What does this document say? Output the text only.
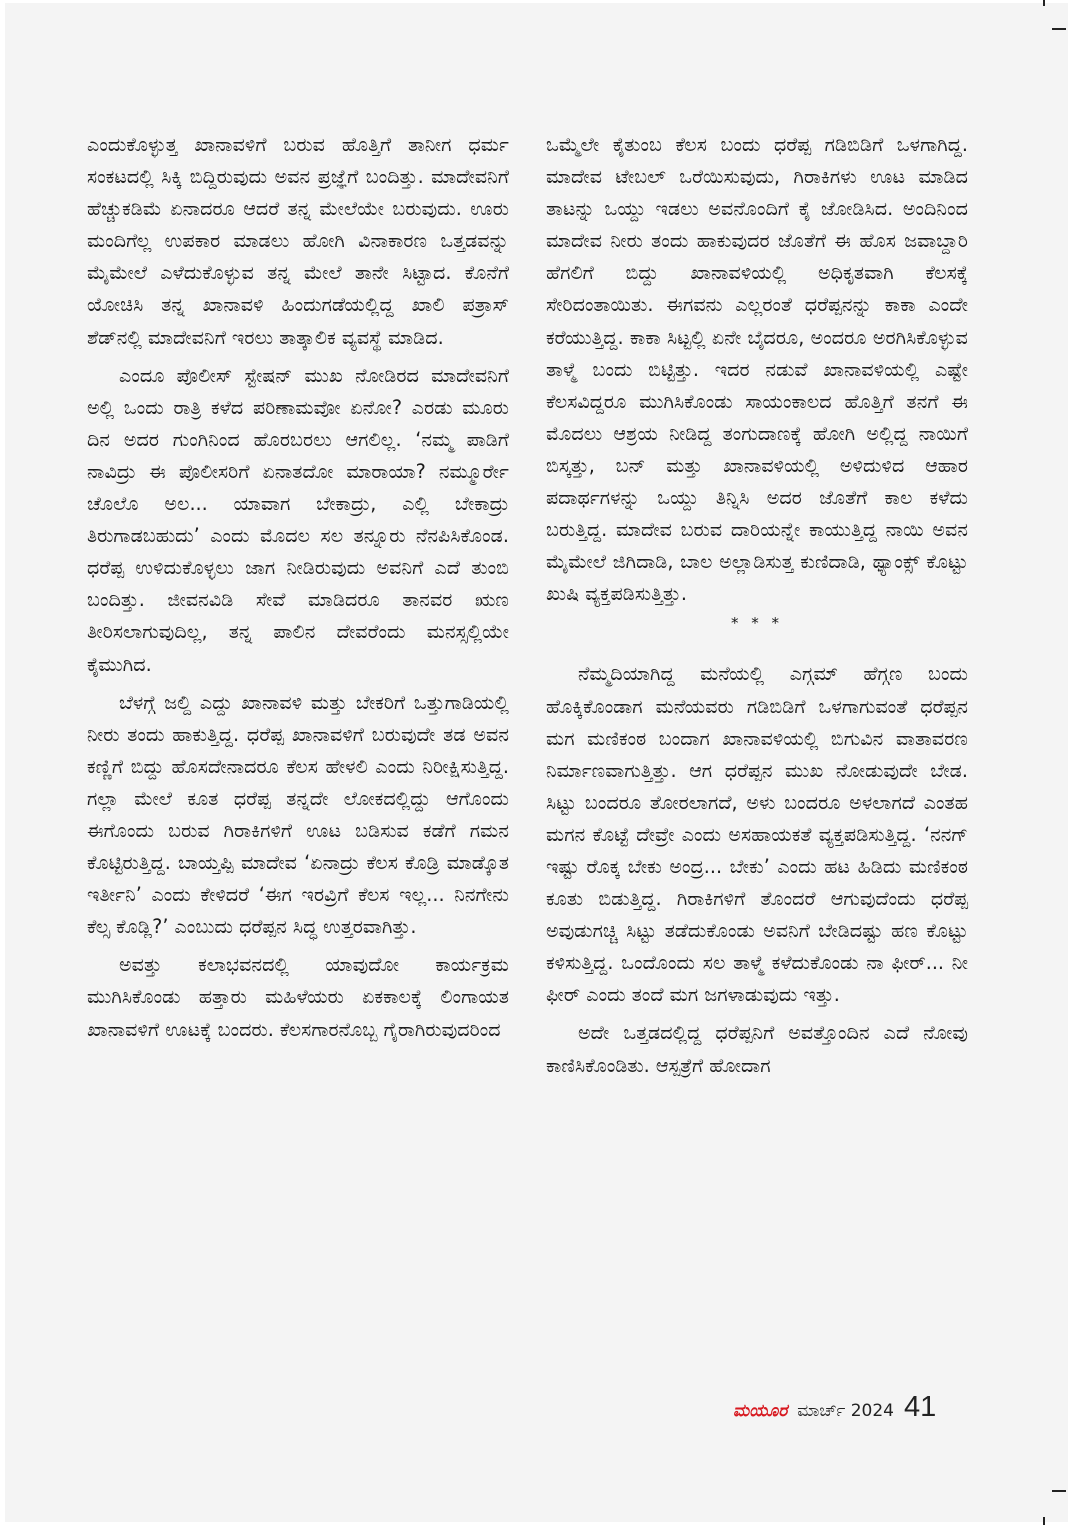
ಎಂದುಕೊಳ್ಳುತ್ತ ಖಾನಾವಳಿಗೆ ಬರುವ ಹೊತ್ತಿಗೆ ತಾನೀಗ ಧರ್ಮ ಸಂಕಟದಲ್ಲಿ ಸಿಕ್ಕಿ ಬಿದ್ದಿರುವುದು ಅವನ ಪ್ರಜ್ಞೆಗೆ ಬಂದಿತ್ತು. ಮಾದೇವನಿಗೆ ಹೆಚ್ಚುಕಡಿಮೆ ಏನಾದರೂ ಆದರೆ ತನ್ನ ಮೇಲೆಯೇ ಬರುವುದು. ಊರು ಮಂದಿಗೆಲ್ಲ ಉಪಕಾರ ಮಾಡಲು ಹೋಗಿ ವಿನಾಕಾರಣ ಒತ್ತಡವನ್ನು ಮೈಮೇಲೆ ಎಳೆದುಕೊಳ್ಳುವ ತನ್ನ ಮೇಲೆ ತಾನೇ ಸಿಟ್ಟಾದ. ಕೊನೆಗೆ ಯೋಚಿಸಿ ತನ್ನ ಖಾನಾವಳಿ ಹಿಂದುಗಡೆಯಲ್ಲಿದ್ದ ಖಾಲಿ ಪತ್ರಾಸ್ ಶೆಡ್‌ನಲ್ಲಿ ಮಾದೇವನಿಗೆ ಇರಲು ತಾತ್ಕಾಲಿಕ ವ್ಯವಸ್ಥೆ ಮಾಡಿದ.

ಎಂದೂ ಪೊಲೀಸ್ ಸ್ಟೇಷನ್ ಮುಖ ನೋಡಿರದ ಮಾದೇವನಿಗೆ ಅಲ್ಲಿ ಒಂದು ರಾತ್ರಿ ಕಳೆದ ಪರಿಣಾಮವೋ ಏನೋ? ಎರಡು ಮೂರು ದಿನ ಅದರ ಗುಂಗಿನಿಂದ ಹೊರಬರಲು ಆಗಲಿಲ್ಲ. ‘ನಮ್ಮ ಪಾಡಿಗೆ ನಾವಿದ್ರು ಈ ಪೊಲೀಸರಿಗೆ ಏನಾತದೋ ಮಾರಾಯಾ? ನಮ್ಮೂರ್ರೇ ಚೊಲೊ ಅಲ... ಯಾವಾಗ ಬೇಕಾದ್ರು, ಎಲ್ಲಿ ಬೇಕಾದ್ರು ತಿರುಗಾಡಬಹುದು’ ಎಂದು ಮೊದಲ ಸಲ ತನ್ನೂರು ನೆನಪಿಸಿಕೊಂಡ. ಧರೆಪ್ಪ ಉಳಿದುಕೊಳ್ಳಲು ಜಾಗ ನೀಡಿರುವುದು ಅವನಿಗೆ ಎದೆ ತುಂಬಿ ಬಂದಿತ್ತು. ಜೀವನವಿಡಿ ಸೇವೆ ಮಾಡಿದರೂ ತಾನವರ ಋಣ ತೀರಿಸಲಾಗುವುದಿಲ್ಲ, ತನ್ನ ಪಾಲಿನ ದೇವರೆಂದು ಮನಸ್ಸಲ್ಲಿಯೇ ಕೈಮುಗಿದ.

ಬೆಳಗ್ಗೆ ಜಲ್ದಿ ಎದ್ದು ಖಾನಾವಳಿ ಮತ್ತು ಬೇಕರಿಗೆ ಒತ್ತುಗಾಡಿಯಲ್ಲಿ ನೀರು ತಂದು ಹಾಕುತ್ತಿದ್ದ. ಧರೆಪ್ಪ ಖಾನಾವಳಿಗೆ ಬರುವುದೇ ತಡ ಅವನ ಕಣ್ಣಿಗೆ ಬಿದ್ದು ಹೊಸದೇನಾದರೂ ಕೆಲಸ ಹೇಳಲಿ ಎಂದು ನಿರೀಕ್ಷಿಸುತ್ತಿದ್ದ. ಗಲ್ಲಾ ಮೇಲೆ ಕೂತ ಧರೆಪ್ಪ ತನ್ನದೇ ಲೋಕದಲ್ಲಿದ್ದು ಆಗೊಂದು ಈಗೊಂದು ಬರುವ ಗಿರಾಕಿಗಳಿಗೆ ಊಟ ಬಡಿಸುವ ಕಡೆಗೆ ಗಮನ ಕೊಟ್ಟಿರುತ್ತಿದ್ದ. ಬಾಯ್ತಪ್ಪಿ ಮಾದೇವ ‘ಏನಾದ್ರು ಕೆಲಸ ಕೊಡ್ರಿ ಮಾಡ್ಕೊತ ಇರ್ತೀನಿ’ ಎಂದು ಕೇಳಿದರೆ ‘ಈಗ ಇರವ್ರಿಗೆ ಕೆಲಸ ಇಲ್ಲ... ನಿನಗೇನು ಕೆಲ್ಸ ಕೊಡ್ಲಿ?’ ಎಂಬುದು ಧರೆಪ್ಪನ ಸಿದ್ಧ ಉತ್ತರವಾಗಿತ್ತು.

ಅವತ್ತು ಕಲಾಭವನದಲ್ಲಿ ಯಾವುದೋ ಕಾರ್ಯಕ್ರಮ ಮುಗಿಸಿಕೊಂಡು ಹತ್ತಾರು ಮಹಿಳೆಯರು ಏಕಕಾಲಕ್ಕೆ ಲಿಂಗಾಯತ ಖಾನಾವಳಿಗೆ ಊಟಕ್ಕೆ ಬಂದರು. ಕೆಲಸಗಾರನೊಬ್ಬ ಗೈರಾಗಿರುವುದರಿಂದ

ಒಮ್ಮೆಲೇ ಕೈತುಂಬ ಕೆಲಸ ಬಂದು ಧರೆಪ್ಪ ಗಡಿಬಿಡಿಗೆ ಒಳಗಾಗಿದ್ದ. ಮಾದೇವ ಟೇಬಲ್ ಒರೆಯಿಸುವುದು, ಗಿರಾಕಿಗಳು ಊಟ ಮಾಡಿದ ತಾಟನ್ನು ಒಯ್ದು ಇಡಲು ಅವನೊಂದಿಗೆ ಕೈ ಜೋಡಿಸಿದ. ಅಂದಿನಿಂದ ಮಾದೇವ ನೀರು ತಂದು ಹಾಕುವುದರ ಜೊತೆಗೆ ಈ ಹೊಸ ಜವಾಬ್ದಾರಿ ಹೆಗಲಿಗೆ ಬಿದ್ದು ಖಾನಾವಳಿಯಲ್ಲಿ ಅಧಿಕೃತವಾಗಿ ಕೆಲಸಕ್ಕೆ ಸೇರಿದಂತಾಯಿತು. ಈಗವನು ಎಲ್ಲರಂತೆ ಧರೆಪ್ಪನನ್ನು ಕಾಕಾ ಎಂದೇ ಕರೆಯುತ್ತಿದ್ದ. ಕಾಕಾ ಸಿಟ್ಟಲ್ಲಿ ಏನೇ ಬೈದರೂ, ಅಂದರೂ ಅರಗಿಸಿಕೊಳ್ಳುವ ತಾಳ್ಮೆ ಬಂದು ಬಿಟ್ಟಿತ್ತು. ಇದರ ನಡುವೆ ಖಾನಾವಳಿಯಲ್ಲಿ ಎಷ್ಟೇ ಕೆಲಸವಿದ್ದರೂ ಮುಗಿಸಿಕೊಂಡು ಸಾಯಂಕಾಲದ ಹೊತ್ತಿಗೆ ತನಗೆ ಈ ಮೊದಲು ಆಶ್ರಯ ನೀಡಿದ್ದ ತಂಗುದಾಣಕ್ಕೆ ಹೋಗಿ ಅಲ್ಲಿದ್ದ ನಾಯಿಗೆ ಬಿಸ್ಕತ್ತು, ಬನ್ ಮತ್ತು ಖಾನಾವಳಿಯಲ್ಲಿ ಅಳಿದುಳಿದ ಆಹಾರ ಪದಾರ್ಥಗಳನ್ನು ಒಯ್ದು ತಿನ್ನಿಸಿ ಅದರ ಜೊತೆಗೆ ಕಾಲ ಕಳೆದು ಬರುತ್ತಿದ್ದ. ಮಾದೇವ ಬರುವ ದಾರಿಯನ್ನೇ ಕಾಯುತ್ತಿದ್ದ ನಾಯಿ ಅವನ ಮೈಮೇಲೆ ಜಿಗಿದಾಡಿ, ಬಾಲ ಅಲ್ಲಾಡಿಸುತ್ತ ಕುಣಿದಾಡಿ, ಥ್ಯಾಂಕ್ಸ್ ಕೊಟ್ಟು ಖುಷಿ ವ್ಯಕ್ತಪಡಿಸುತ್ತಿತ್ತು.

* * *

ನೆಮ್ಮದಿಯಾಗಿದ್ದ ಮನೆಯಲ್ಲಿ ಎಗ್ಗಮ್ ಹೆಗ್ಗಣ ಬಂದು ಹೊಕ್ಕಿಕೊಂಡಾಗ ಮನೆಯವರು ಗಡಿಬಿಡಿಗೆ ಒಳಗಾಗುವಂತೆ ಧರೆಪ್ಪನ ಮಗ ಮಣಿಕಂಠ ಬಂದಾಗ ಖಾನಾವಳಿಯಲ್ಲಿ ಬಿಗುವಿನ ವಾತಾವರಣ ನಿರ್ಮಾಣವಾಗುತ್ತಿತ್ತು. ಆಗ ಧರೆಪ್ಪನ ಮುಖ ನೋಡುವುದೇ ಬೇಡ. ಸಿಟ್ಟು ಬಂದರೂ ತೋರಲಾಗದೆ, ಅಳು ಬಂದರೂ ಅಳಲಾಗದೆ ಎಂತಹ ಮಗನ ಕೊಟ್ಟೆ ದೇವ್ರೇ ಎಂದು ಅಸಹಾಯಕತೆ ವ್ಯಕ್ತಪಡಿಸುತ್ತಿದ್ದ. ‘ನನಗ್ ಇಷ್ಟು ರೊಕ್ಕ ಬೇಕು ಅಂದ್ರ... ಬೇಕು’ ಎಂದು ಹಟ ಹಿಡಿದು ಮಣಿಕಂಠ ಕೂತು ಬಿಡುತ್ತಿದ್ದ. ಗಿರಾಕಿಗಳಿಗೆ ತೊಂದರೆ ಆಗುವುದೆಂದು ಧರೆಪ್ಪ ಅವುಡುಗಚ್ಚಿ ಸಿಟ್ಟು ತಡೆದುಕೊಂಡು ಅವನಿಗೆ ಬೇಡಿದಷ್ಟು ಹಣ ಕೊಟ್ಟು ಕಳಿಸುತ್ತಿದ್ದ. ಒಂದೊಂದು ಸಲ ತಾಳ್ಮೆ ಕಳೆದುಕೊಂಡು ನಾ ಫೀರ್... ನೀ ಫೀರ್ ಎಂದು ತಂದೆ ಮಗ ಜಗಳಾಡುವುದು ಇತ್ತು.

ಅದೇ ಒತ್ತಡದಲ್ಲಿದ್ದ ಧರೆಪ್ಪನಿಗೆ ಅವತ್ತೊಂದಿನ ಎದೆ ನೋವು ಕಾಣಿಸಿಕೊಂಡಿತು. ಆಸ್ಪತ್ರೆಗೆ ಹೋದಾಗ

ಮಯೂರ ಮಾರ್ಚ್ 2024 41
